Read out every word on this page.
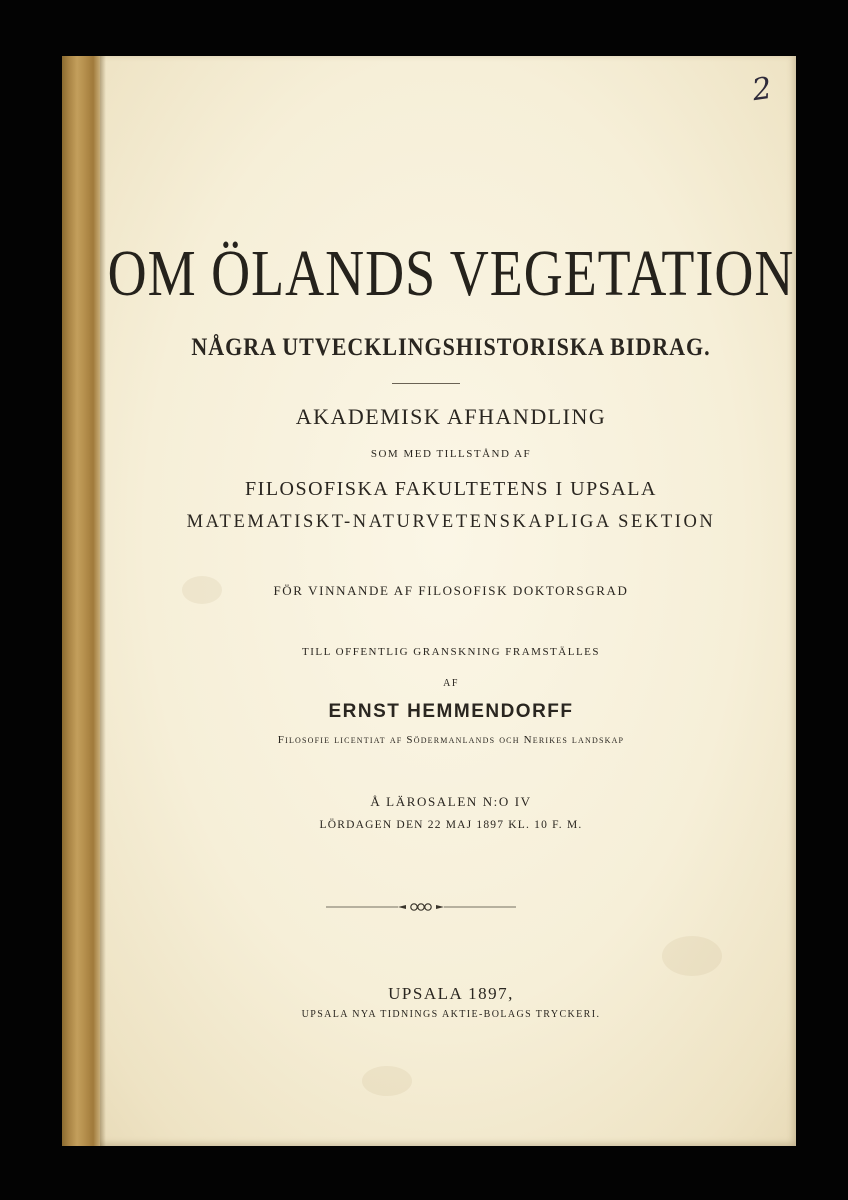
2
OM ÖLANDS VEGETATION
NÅGRA UTVECKLINGSHISTORISKA BIDRAG.
AKADEMISK AFHANDLING
SOM MED TILLSTÅND AF
FILOSOFISKA FAKULTETENS I UPSALA
MATEMATISKT-NATURVETENSKAPLIGA SEKTION
FÖR VINNANDE AF FILOSOFISK DOKTORSGRAD
TILL OFFENTLIG GRANSKNING FRAMSTÄLLES
AF
ERNST HEMMENDORFF
Filosofie licentiat af Södermanlands och Nerikes landskap
Å LÄROSALEN N:O IV
LÖRDAGEN DEN 22 MAJ 1897 KL. 10 F. M.
UPSALA 1897,
UPSALA NYA TIDNINGS AKTIE-BOLAGS TRYCKERI.
